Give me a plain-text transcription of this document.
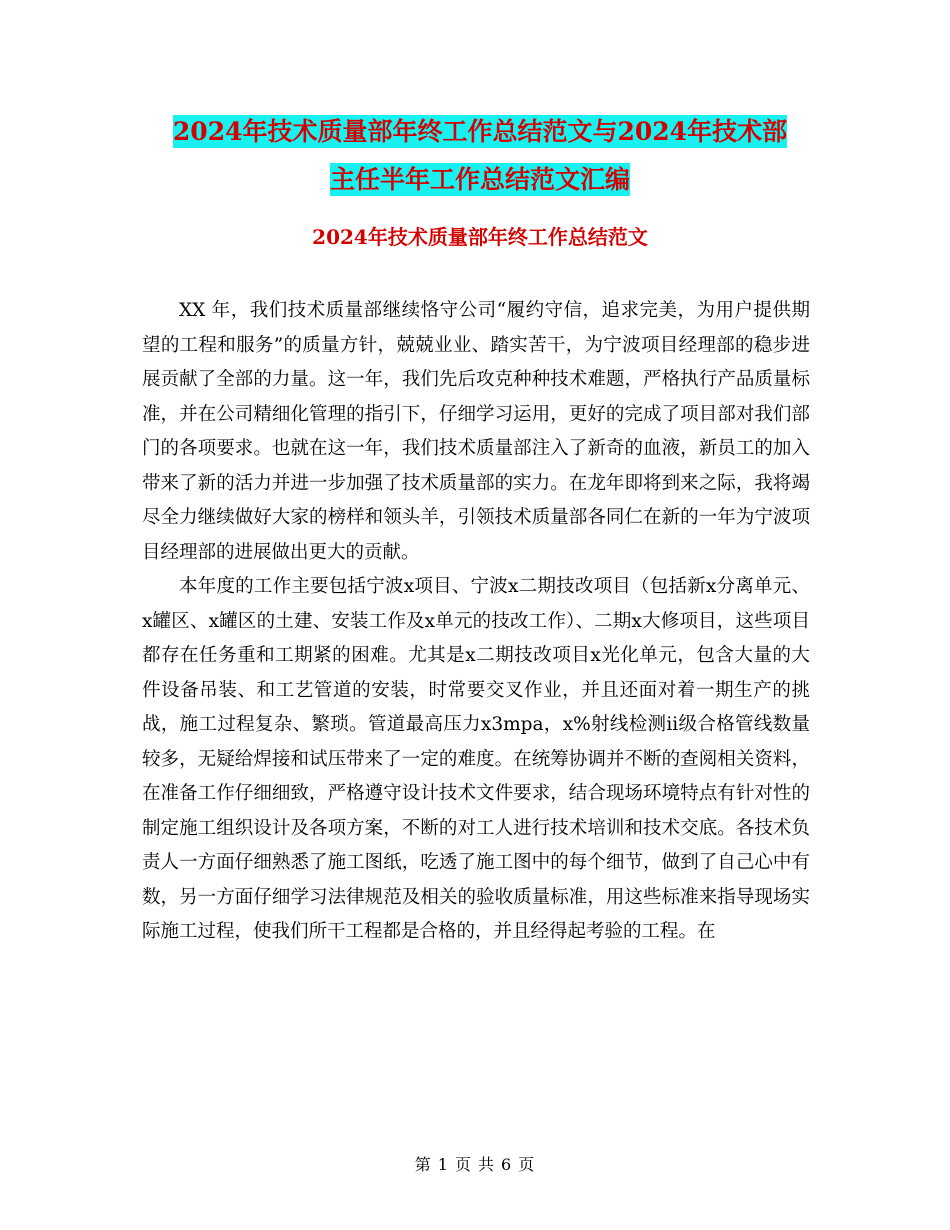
2024年技术质量部年终工作总结范文与2024年技术部
主任半年工作总结范文汇编
2024年技术质量部年终工作总结范文

XX 年，我们技术质量部继续恪守公司“履约守信，追求完美，为用户提供期望的工程和服务”的质量方针，兢兢业业、踏实苦干，为宁波项目经理部的稳步进展贡献了全部的力量。这一年，我们先后攻克种种技术难题，严格执行产品质量标准，并在公司精细化管理的指引下，仔细学习运用，更好的完成了项目部对我们部门的各项要求。也就在这一年，我们技术质量部注入了新奇的血液，新员工的加入带来了新的活力并进一步加强了技术质量部的实力。在龙年即将到来之际，我将竭尽全力继续做好大家的榜样和领头羊，引领技术质量部各同仁在新的一年为宁波项目经理部的进展做出更大的贡献。

本年度的工作主要包括宁波x项目、宁波x二期技改项目（包括新x分离单元、x罐区、x罐区的土建、安装工作及x单元的技改工作）、二期x大修项目，这些项目都存在任务重和工期紧的困难。尤其是x二期技改项目x光化单元，包含大量的大件设备吊装、和工艺管道的安装，时常要交叉作业，并且还面对着一期生产的挑战，施工过程复杂、繁琐。管道最高压力x3mpa，x%射线检测ii级合格管线数量较多，无疑给焊接和试压带来了一定的难度。在统筹协调并不断的查阅相关资料，在准备工作仔细细致，严格遵守设计技术文件要求，结合现场环境特点有针对性的制定施工组织设计及各项方案，不断的对工人进行技术培训和技术交底。各技术负责人一方面仔细熟悉了施工图纸，吃透了施工图中的每个细节，做到了自己心中有数，另一方面仔细学习法律规范及相关的验收质量标准，用这些标准来指导现场实际施工过程，使我们所干工程都是合格的，并且经得起考验的工程。在

第 1 页 共 6 页
